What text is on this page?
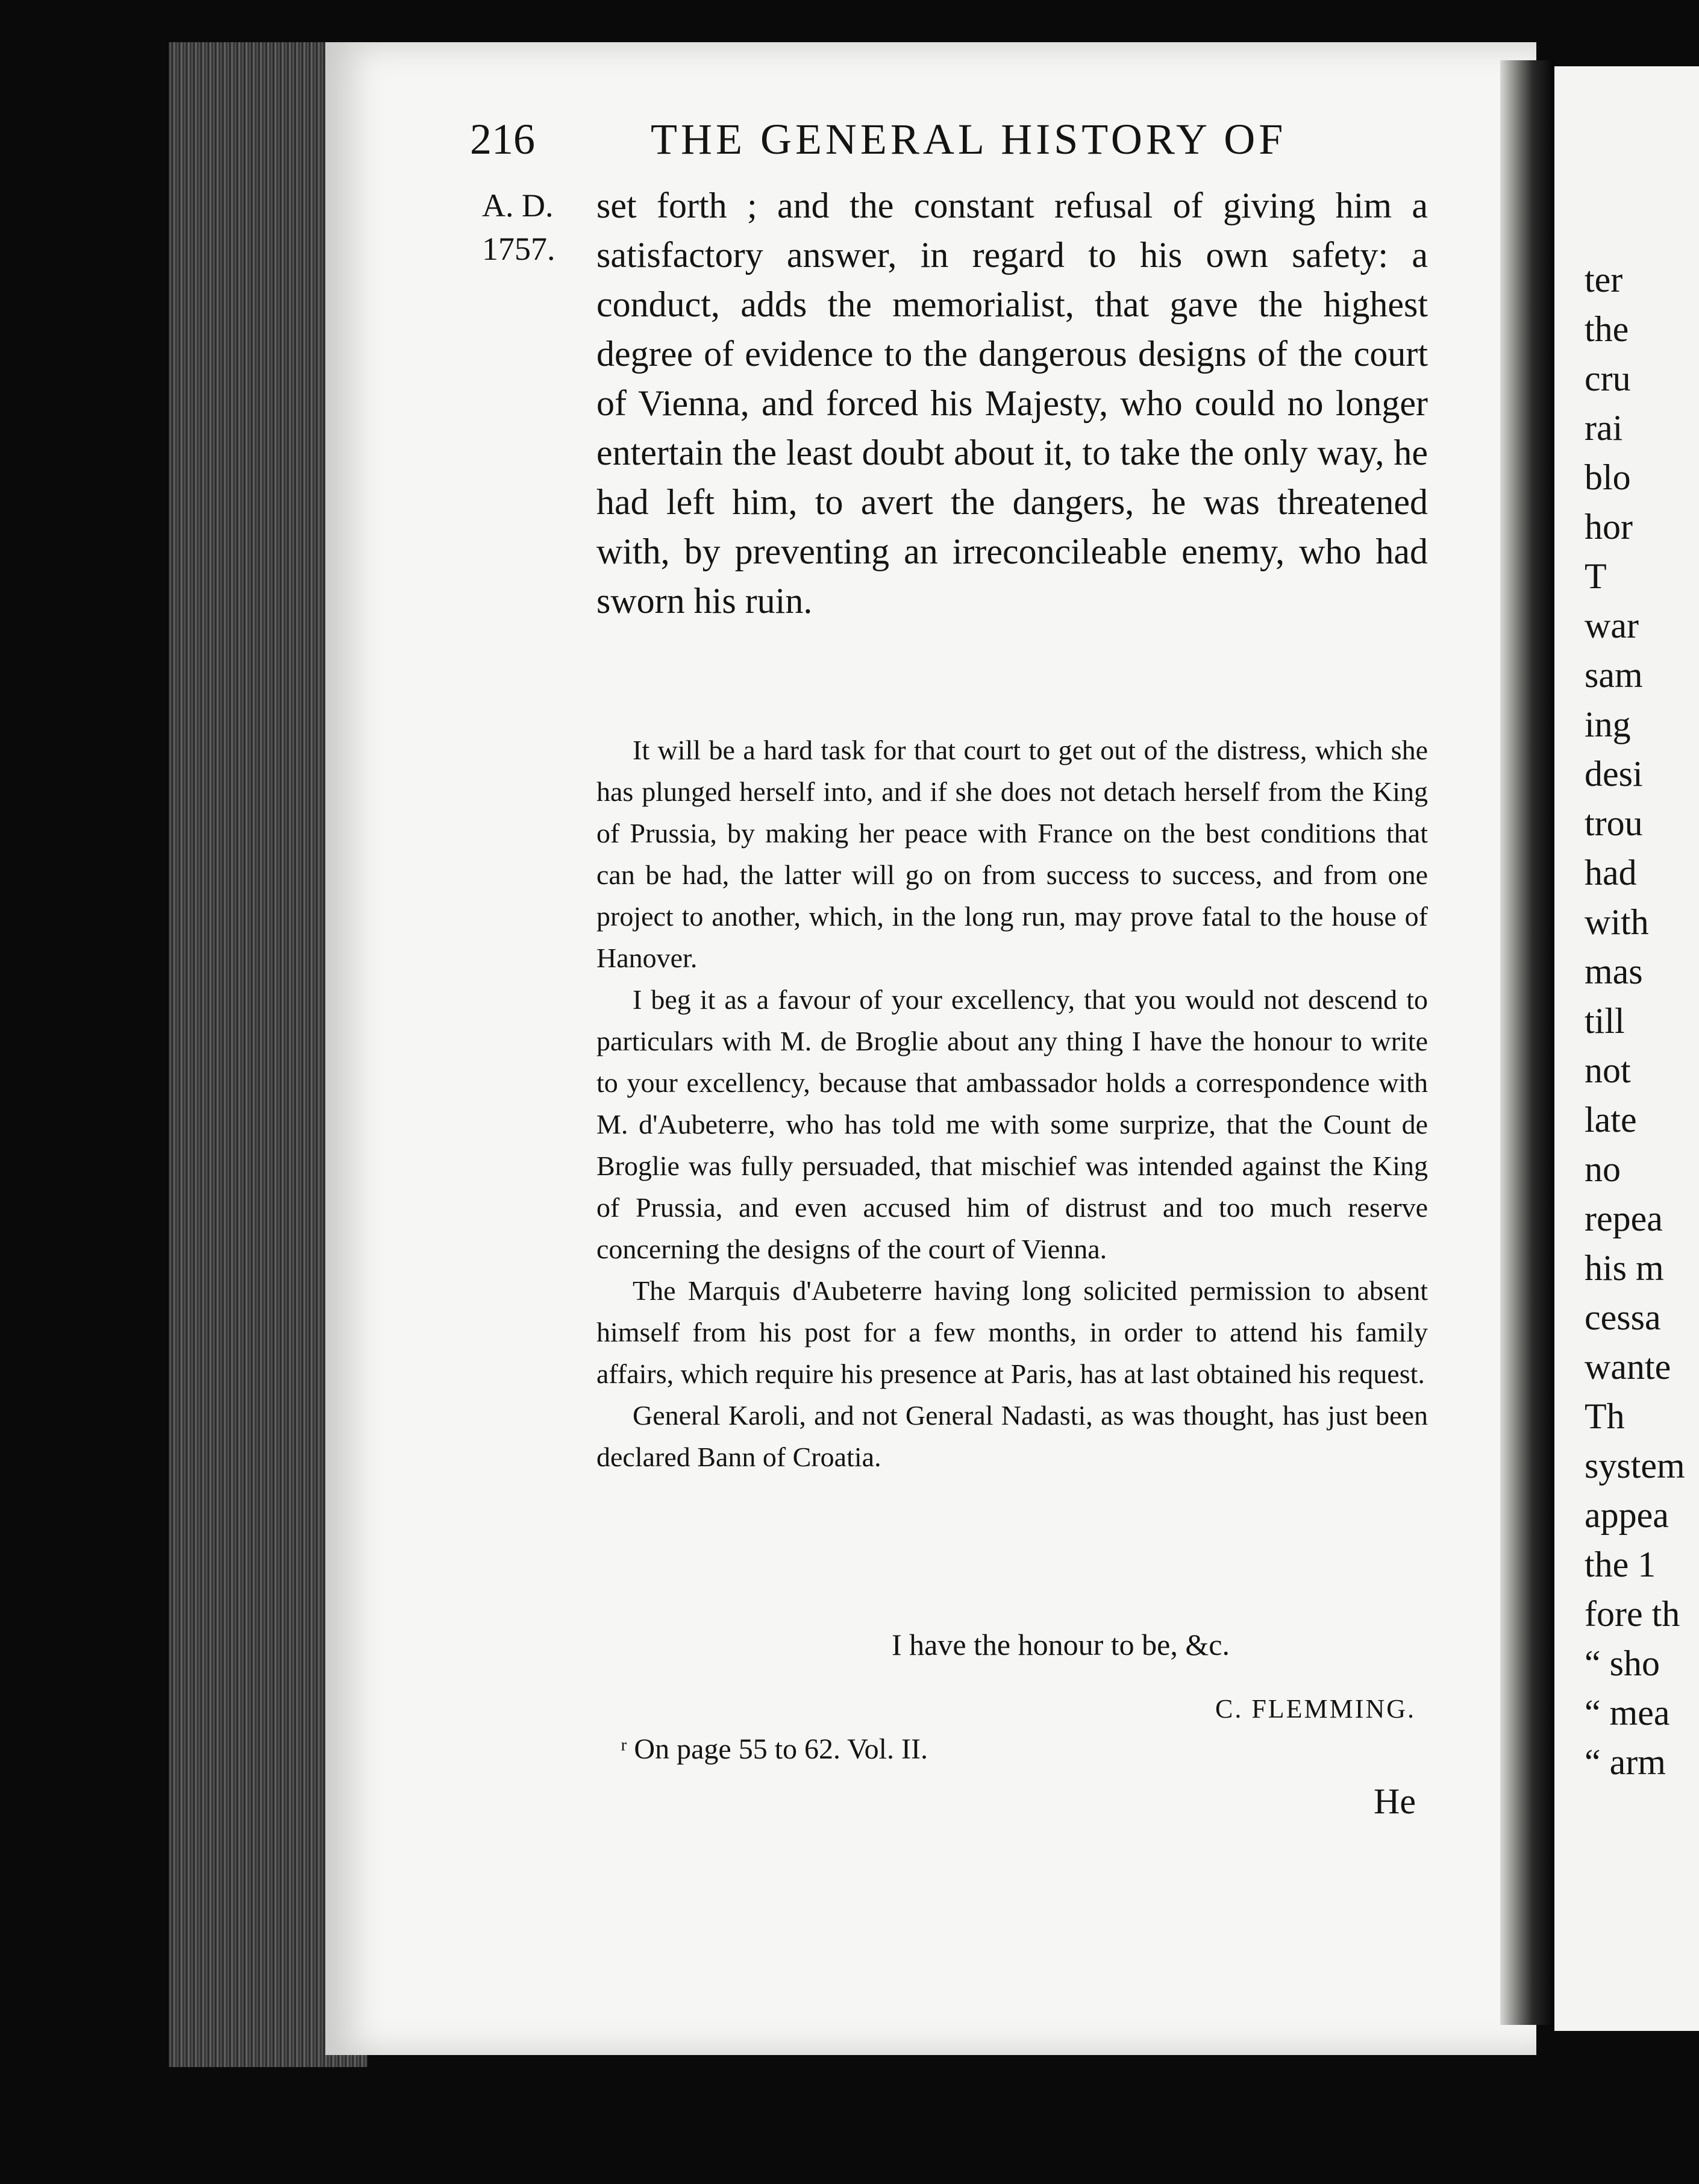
ter
the
cru
rai
blo
hor
T
war
sam
ing
desi
trou
had
with
mas
till
not
late
no
repea
his m
cessa
wante
Th
system
appea
the 1
fore th
“ sho
“ mea
“ arm
216	THE GENERAL HISTORY OF
A. D.
1757.

set forth ; and the constant refusal of giving him a satisfactory answer, in regard to his own safety: a conduct, adds the memorialist, that gave the highest degree of evidence to the dangerous designs of the court of Vienna, and forced his Majesty, who could no longer entertain the least doubt about it, to take the only way, he had left him, to avert the dangers, he was threatened with, by preventing an irreconcileable enemy, who had sworn his ruin.

It will be a hard task for that court to get out of the distress, which she has plunged herself into, and if she does not detach herself from the King of Prussia, by making her peace with France on the best conditions that can be had, the latter will go on from success to success, and from one project to another, which, in the long run, may prove fatal to the house of Hanover.

I beg it as a favour of your excellency, that you would not descend to particulars with M. de Broglie about any thing I have the honour to write to your excellency, because that ambassador holds a correspondence with M. d'Aubeterre, who has told me with some surprize, that the Count de Broglie was fully persuaded, that mischief was intended against the King of Prussia, and even accused him of distrust and too much reserve concerning the designs of the court of Vienna.

The Marquis d'Aubeterre having long solicited permission to absent himself from his post for a few months, in order to attend his family affairs, which require his presence at Paris, has at last obtained his request.

General Karoli, and not General Nadasti, as was thought, has just been declared Bann of Croatia.

I have the honour to be, &c.
C. FLEMMING.
ʳ On page 55 to 62. Vol. II.
He
